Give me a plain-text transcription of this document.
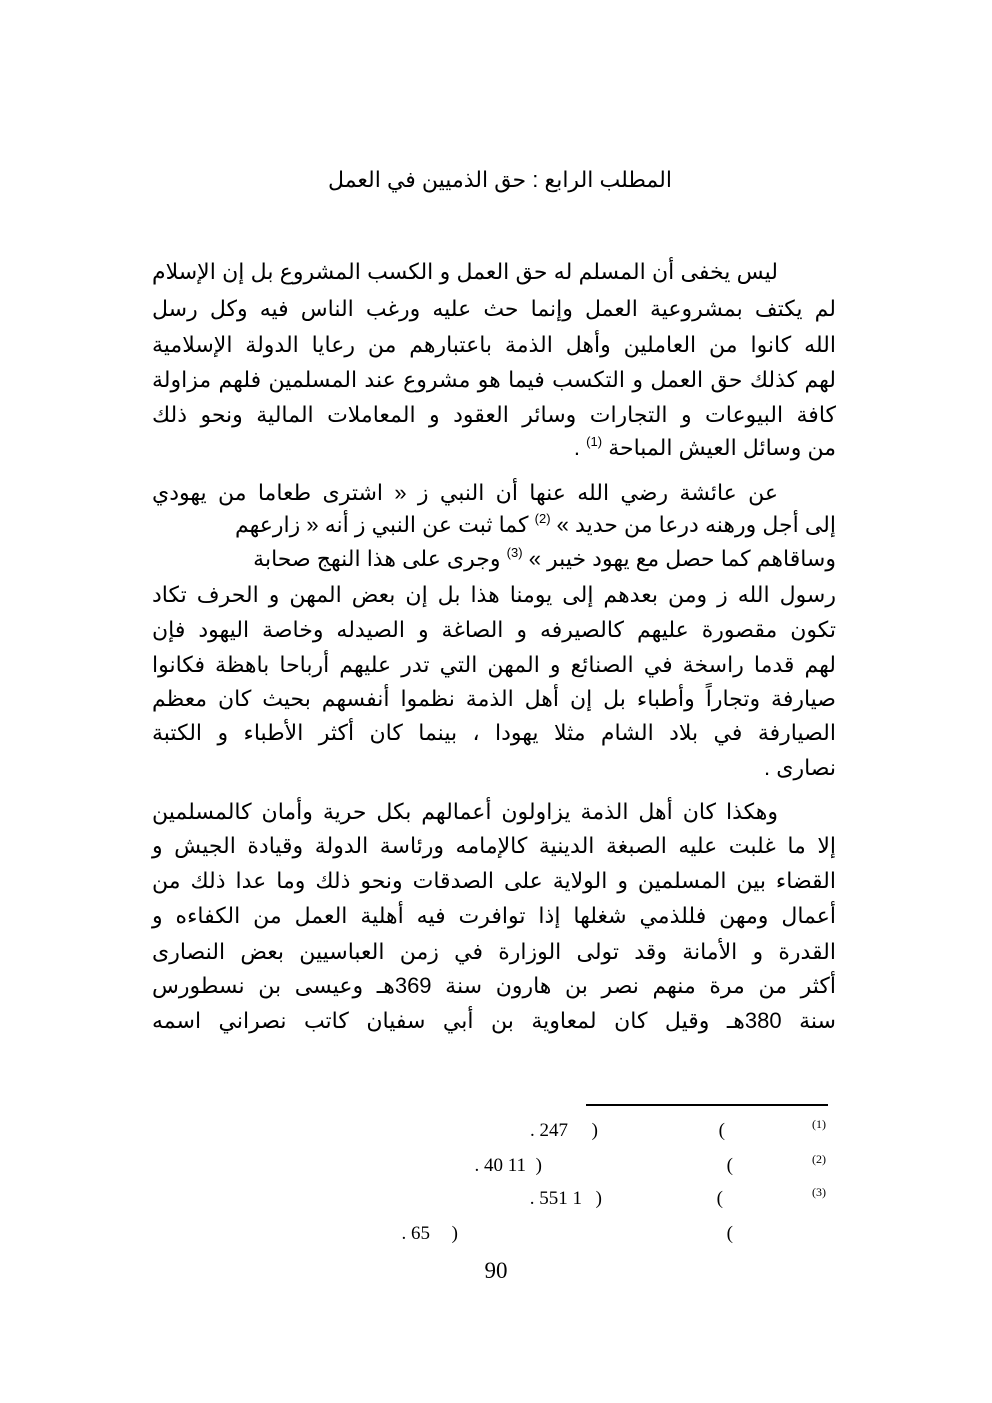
المطلب الرابع : حق الذميين في العمل
ليس يخفى أن المسلم له حق العمل و الكسب المشروع بل إن الإسلام
لم يكتف بمشروعية العمل وإنما حث عليه ورغب الناس فيه وكل رسل
الله كانوا من العاملين وأهل الذمة باعتبارهم من رعايا الدولة الإسلامية
لهم كذلك حق العمل و التكسب فيما هو مشروع عند المسلمين فلهم مزاولة
كافة البيوعات و التجارات وسائر العقود و المعاملات المالية ونحو ذلك
من وسائل العيش المباحة $^{(1)}$ .
عن عائشة رضي الله عنها أن النبي ز « اشترى طعاما من يهودي
إلى أجل ورهنه درعا من حديد » $^{(2)}$ كما ثبت عن النبي ز أنه « زارعهم
وساقاهم كما حصل مع يهود خيبر » $^{(3)}$ وجرى على هذا النهج صحابة
رسول الله ز ومن بعدهم إلى يومنا هذا بل إن بعض المهن و الحرف تكاد
تكون مقصورة عليهم كالصيرفه و الصاغة و الصيدله وخاصة اليهود فإن
لهم قدما راسخة في الصنائع و المهن التي تدر عليهم أرباحا باهظة فكانوا
صيارفة وتجاراً وأطباء بل إن أهل الذمة نظموا أنفسهم بحيث كان معظم
الصيارفة في بلاد الشام مثلا يهودا ، بينما كان أكثر الأطباء و الكتبة
نصارى .
وهكذا كان أهل الذمة يزاولون أعمالهم بكل حرية وأمان كالمسلمين
إلا ما غلبت عليه الصبغة الدينية كالإمامه ورئاسة الدولة وقيادة الجيش و
القضاء بين المسلمين و الولاية على الصدقات ونحو ذلك وما عدا ذلك من
أعمال ومهن فللذمي شغلها إذا توافرت فيه أهلية العمل من الكفاءه و
القدرة و الأمانة وقد تولى الوزارة في زمن العباسيين بعض النصارى
أكثر من مرة منهم نصر بن هارون سنة 369هـ وعيسى بن نسطورس
سنة 380هـ وقيل كان لمعاوية بن أبي سفيان كاتب نصراني اسمه
(1)
(
)
. 247
(2)
(
)
. 40 11
(3)
(
)
. 551 1
(
)
. 65
90
